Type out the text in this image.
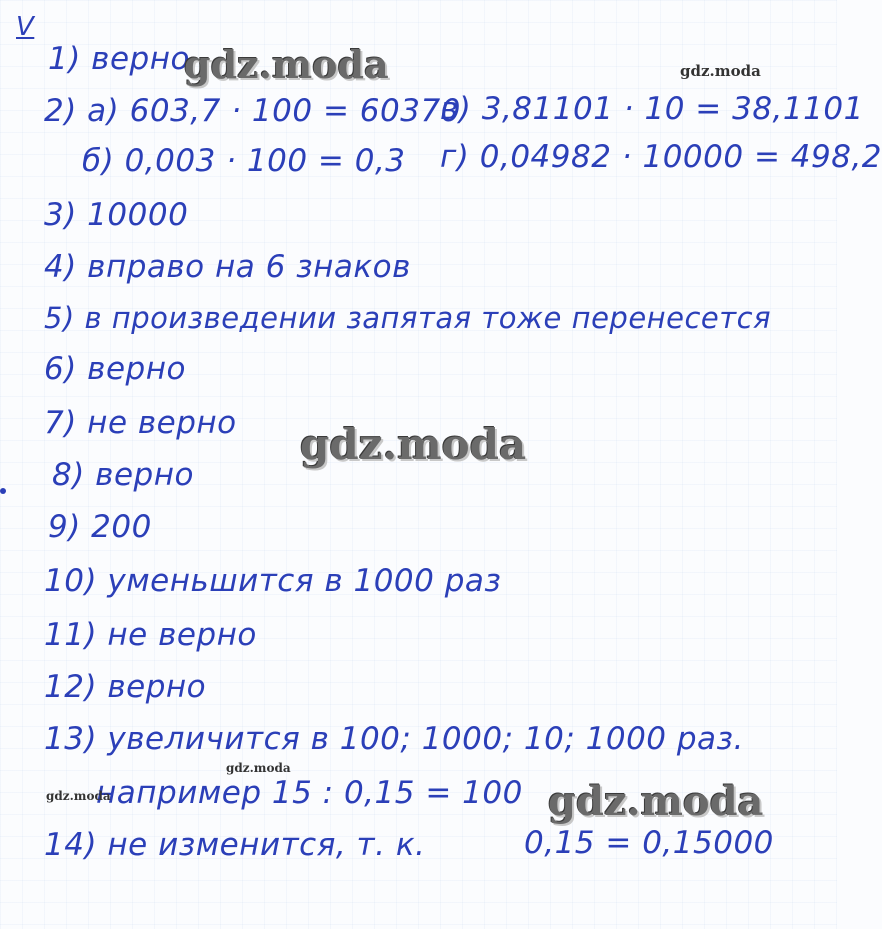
V
1) верно
2) а) 603,7 · 100 = 60370
в) 3,81101 · 10 = 38,1101
б) 0,003 · 100 = 0,3 г) 0,04982 · 10000 = 498,2
3) 10000
4) вправо на 6 знаков
5) в произведении запятая тоже перенесется
6) верно
7) не верно
8) верно
9) 200
10) уменьшится в 1000 раз
11) не верно
12) верно
13) увеличится в 100; 1000; 10; 1000 раз.
например 15 : 0,15 = 100
14) не изменится, т. к.	0,15 = 0,15000
gdz.moda	gdz.moda
gdz.moda
gdz.moda
gdz.moda	gdz.moda
